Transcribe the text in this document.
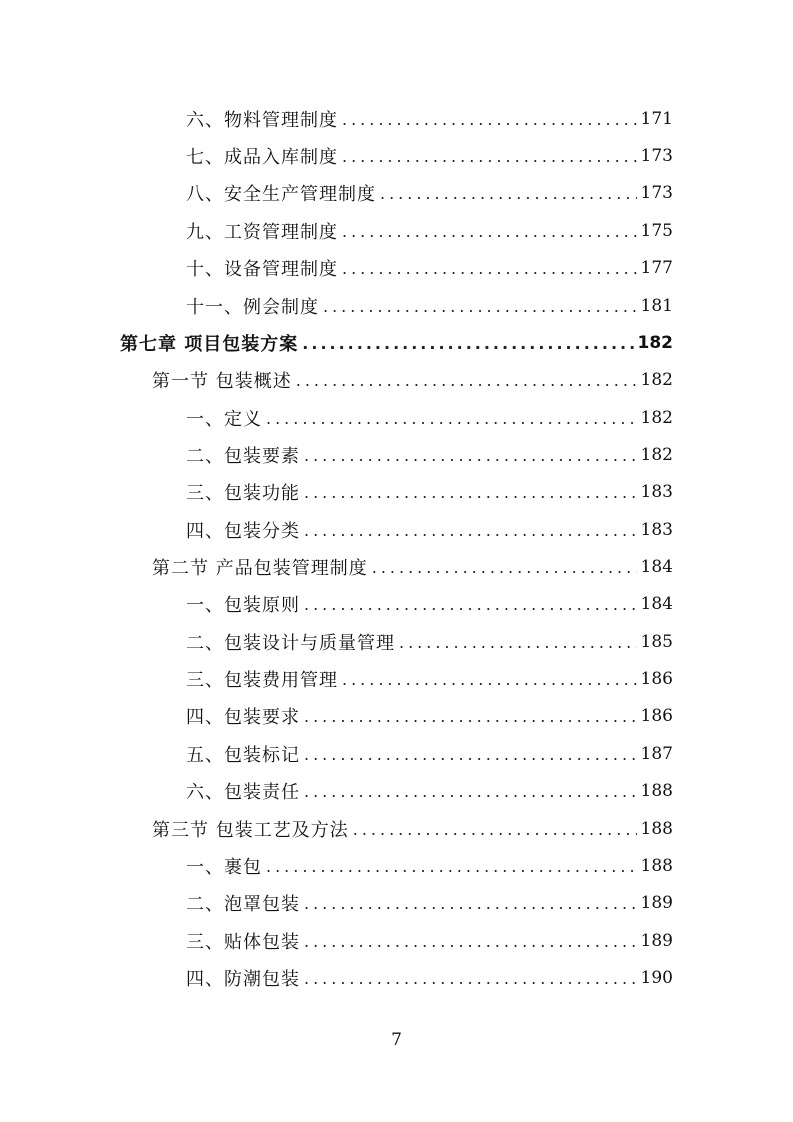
六、物料管理制度 .....	171
七、成品入库制度 .....	173
八、安全生产管理制度 .....	173
九、工资管理制度 .....	175
十、设备管理制度 .....	177
十一、例会制度 .....	181
第七章 项目包装方案 .....	182
第一节 包装概述 .....	182
一、定义 .....	182
二、包装要素 .....	182
三、包装功能 .....	183
四、包装分类 .....	183
第二节 产品包装管理制度 .....	184
一、包装原则 .....	184
二、包装设计与质量管理 .....	185
三、包装费用管理 .....	186
四、包装要求 .....	186
五、包装标记 .....	187
六、包装责任 .....	188
第三节 包装工艺及方法 .....	188
一、裹包 .....	188
二、泡罩包装 .....	189
三、贴体包装 .....	189
四、防潮包装 .....	190
7
